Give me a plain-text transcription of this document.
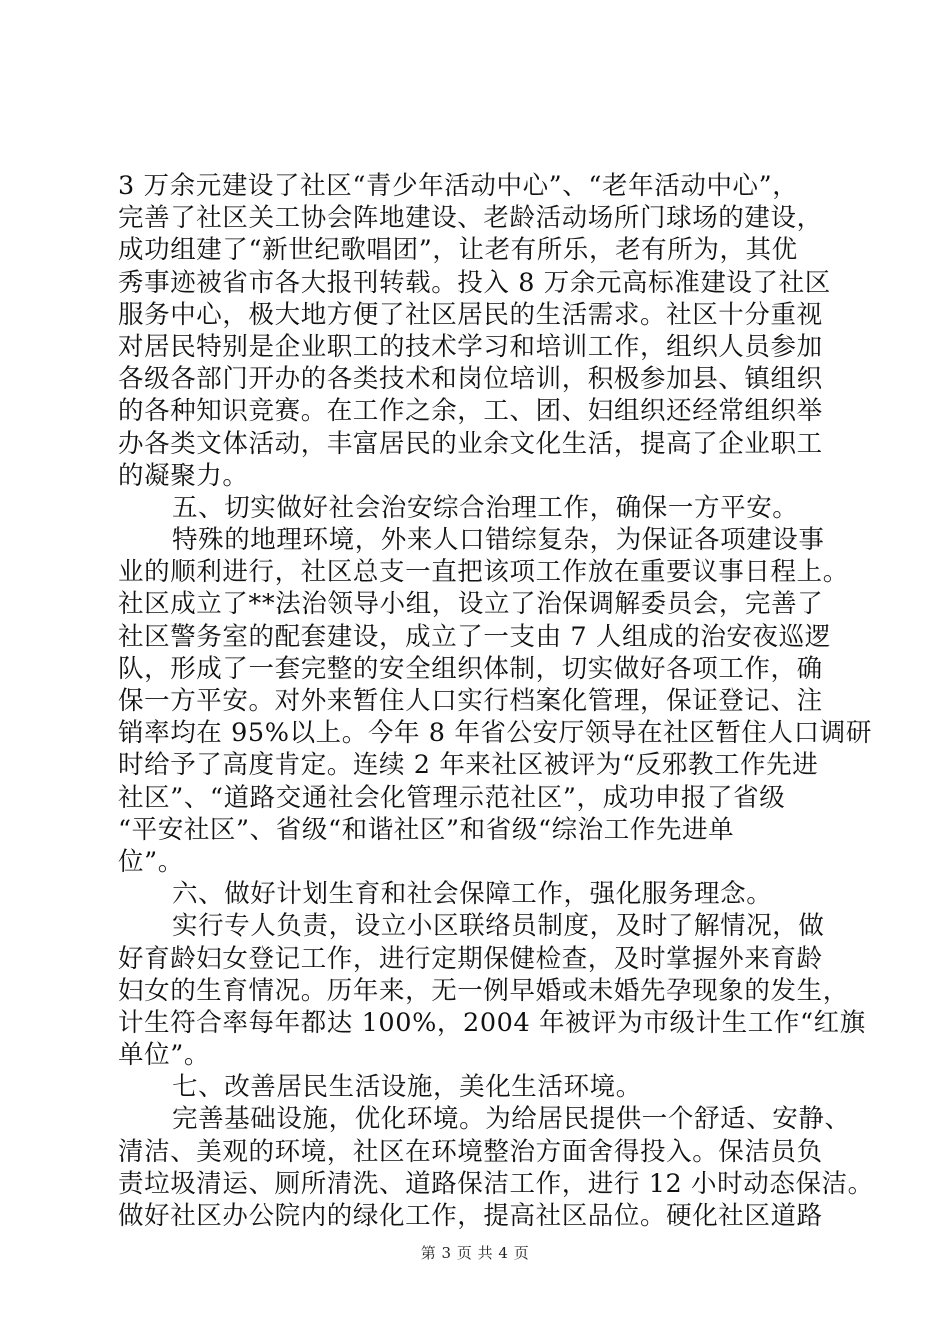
3 万余元建设了社区“青少年活动中心”、“老年活动中心”，
完善了社区关工协会阵地建设、老龄活动场所门球场的建设，
成功组建了“新世纪歌唱团”，让老有所乐，老有所为，其优
秀事迹被省市各大报刊转载。投入 8 万余元高标准建设了社区
服务中心，极大地方便了社区居民的生活需求。社区十分重视
对居民特别是企业职工的技术学习和培训工作，组织人员参加
各级各部门开办的各类技术和岗位培训，积极参加县、镇组织
的各种知识竞赛。在工作之余，工、团、妇组织还经常组织举
办各类文体活动，丰富居民的业余文化生活，提高了企业职工
的凝聚力。
五、切实做好社会治安综合治理工作，确保一方平安。
特殊的地理环境，外来人口错综复杂，为保证各项建设事
业的顺利进行，社区总支一直把该项工作放在重要议事日程上。
社区成立了**法治领导小组，设立了治保调解委员会，完善了
社区警务室的配套建设，成立了一支由 7 人组成的治安夜巡逻
队，形成了一套完整的安全组织体制，切实做好各项工作，确
保一方平安。对外来暂住人口实行档案化管理，保证登记、注
销率均在 95%以上。今年 8 年省公安厅领导在社区暂住人口调研
时给予了高度肯定。连续 2 年来社区被评为“反邪教工作先进
社区”、“道路交通社会化管理示范社区”，成功申报了省级
“平安社区”、省级“和谐社区”和省级“综治工作先进单
位”。
六、做好计划生育和社会保障工作，强化服务理念。
实行专人负责，设立小区联络员制度，及时了解情况，做
好育龄妇女登记工作，进行定期保健检查，及时掌握外来育龄
妇女的生育情况。历年来，无一例早婚或未婚先孕现象的发生，
计生符合率每年都达 100%，2004 年被评为市级计生工作“红旗
单位”。
七、改善居民生活设施，美化生活环境。
完善基础设施，优化环境。为给居民提供一个舒适、安静、
清洁、美观的环境，社区在环境整治方面舍得投入。保洁员负
责垃圾清运、厕所清洗、道路保洁工作，进行 12 小时动态保洁。
做好社区办公院内的绿化工作，提高社区品位。硬化社区道路
第 3 页 共 4 页
